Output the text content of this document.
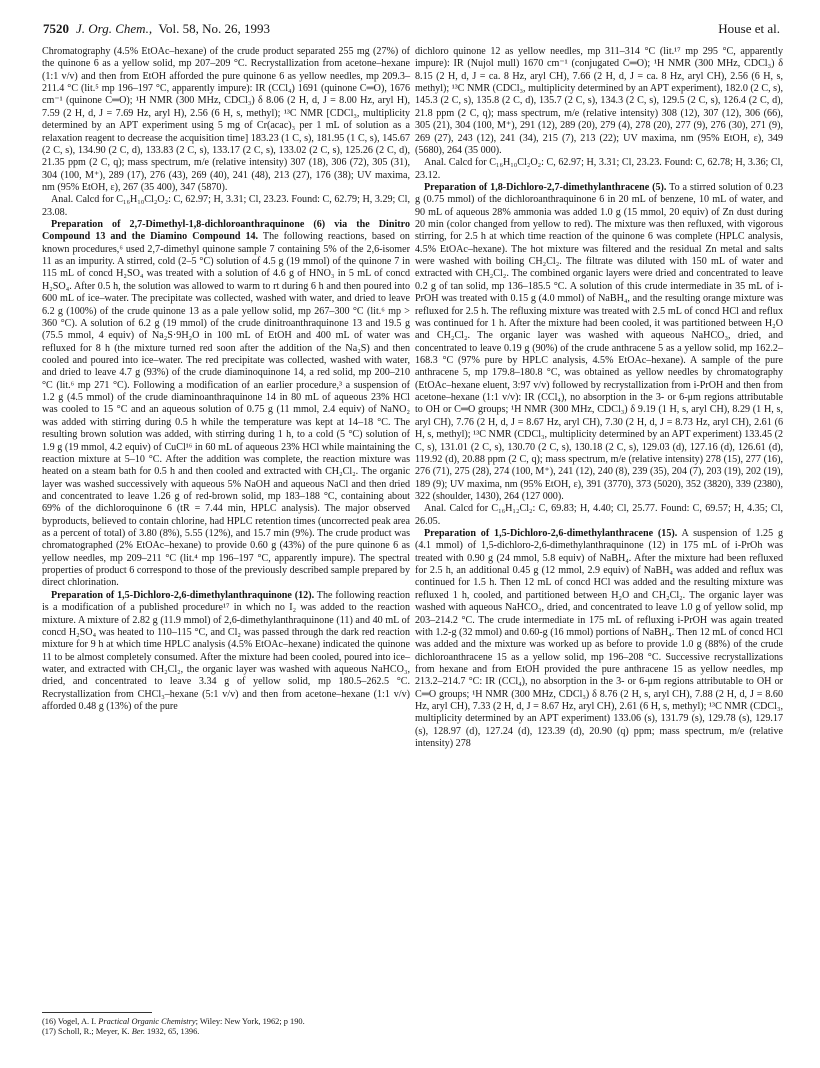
7520 J. Org. Chem., Vol. 58, No. 26, 1993	House et al.

Chromatography (4.5% EtOAc–hexane) of the crude product separated 255 mg (27%) of the quinone 6 as a yellow solid, mp 207–209 °C. Recrystallization from acetone–hexane (1:1 v/v) and then from EtOH afforded the pure quinone 6 as yellow needles, mp 209.3–211.4 °C (lit.⁵ mp 196–197 °C, apparently impure): IR (CCl₄) 1691 (quinone C═O), 1676 cm⁻¹ (quinone C═O); ¹H NMR (300 MHz, CDCl₃) δ 8.06 (2 H, d, J = 8.00 Hz, aryl H), 7.59 (2 H, d, J = 7.69 Hz, aryl H), 2.56 (6 H, s, methyl); ¹³C NMR [CDCl₃, multiplicity determined by an APT experiment using 5 mg of Cr(acac)₃ per 1 mL of solution as a relaxation reagent to decrease the acquisition time] 183.23 (1 C, s), 181.95 (1 C, s), 145.67 (2 C, s), 134.90 (2 C, d), 133.83 (2 C, s), 133.17 (2 C, s), 133.02 (2 C, s), 125.26 (2 C, d), 21.35 ppm (2 C, q); mass spectrum, m/e (relative intensity) 307 (18), 306 (72), 305 (31), 304 (100, M⁺), 289 (17), 276 (43), 269 (40), 241 (48), 213 (27), 176 (38); UV maxima, nm (95% EtOH, ε), 267 (35 400), 347 (5870).

Anal. Calcd for C₁₆H₁₀Cl₂O₂: C, 62.97; H, 3.31; Cl, 23.23. Found: C, 62.79; H, 3.29; Cl, 23.08.

Preparation of 2,7-Dimethyl-1,8-dichloroanthraquinone (6) via the Dinitro Compound 13 and the Diamino Compound 14. The following reactions, based on known procedures,⁶ used 2,7-dimethyl quinone sample 7 containing 5% of the 2,6-isomer 11 as an impurity. A stirred, cold (2–5 °C) solution of 4.5 g (19 mmol) of the quinone 7 in 115 mL of concd H₂SO₄ was treated with a solution of 4.6 g of HNO₃ in 5 mL of concd H₂SO₄. After 0.5 h, the solution was allowed to warm to rt during 6 h and then poured into 600 mL of ice–water. The precipitate was collected, washed with water, and dried to leave 6.2 g (100%) of the crude quinone 13 as a pale yellow solid, mp 267–300 °C (lit.⁶ mp > 360 °C). A solution of 6.2 g (19 mmol) of the crude dinitroanthraquinone 13 and 19.5 g (75.5 mmol, 4 equiv) of Na₂S·9H₂O in 100 mL of EtOH and 400 mL of water was refluxed for 8 h (the mixture turned red soon after the addition of the Na₂S) and then cooled and poured into ice–water. The red precipitate was collected, washed with water, and dried to leave 4.7 g (93%) of the crude diaminoquinone 14, a red solid, mp 200–210 °C (lit.⁶ mp 271 °C). Following a modification of an earlier procedure,³ a suspension of 1.2 g (4.5 mmol) of the crude diaminoanthraquinone 14 in 80 mL of aqueous 23% HCl was cooled to 15 °C and an aqueous solution of 0.75 g (11 mmol, 2.4 equiv) of NaNO₂ was added with stirring during 0.5 h while the temperature was kept at 14–18 °C. The resulting brown solution was added, with stirring during 1 h, to a cold (5 °C) solution of 1.9 g (19 mmol, 4.2 equiv) of CuCl¹⁶ in 60 mL of aqueous 23% HCl while maintaining the reaction mixture at 5–10 °C. After the addition was complete, the reaction mixture was heated on a steam bath for 0.5 h and then cooled and extracted with CH₂Cl₂. The organic layer was washed successively with aqueous 5% NaOH and aqueous NaCl and then dried and concentrated to leave 1.26 g of red-brown solid, mp 183–188 °C, containing about 69% of the dichloroquinone 6 (tR = 7.44 min, HPLC analysis). The major observed byproducts, believed to contain chlorine, had HPLC retention times (uncorrected peak area as a percent of total) of 3.80 (8%), 5.55 (12%), and 15.7 min (9%). The crude product was chromatographed (2% EtOAc–hexane) to provide 0.60 g (43%) of the pure quinone 6 as yellow needles, mp 209–211 °C (lit.⁴ mp 196–197 °C, apparently impure). The spectral properties of product 6 correspond to those of the previously described sample prepared by direct chlorination.

Preparation of 1,5-Dichloro-2,6-dimethylanthraquinone (12). The following reaction is a modification of a published procedure¹⁷ in which no I₂ was added to the reaction mixture. A mixture of 2.82 g (11.9 mmol) of 2,6-dimethylanthraquinone (11) and 40 mL of concd H₂SO₄ was heated to 110–115 °C, and Cl₂ was passed through the dark red reaction mixture for 9 h at which time HPLC analysis (4.5% EtOAc–hexane) indicated the quinone 11 to be almost completely consumed. After the mixture had been cooled, poured into ice–water, and extracted with CH₂Cl₂, the organic layer was washed with aqueous NaHCO₃, dried, and concentrated to leave 3.34 g of yellow solid, mp 180.5–262.5 °C. Recrystallization from CHCl₃–hexane (5:1 v/v) and then from acetone–hexane (1:1 v/v) afforded 0.48 g (13%) of the pure

dichloro quinone 12 as yellow needles, mp 311–314 °C (lit.¹⁷ mp 295 °C, apparently impure): IR (Nujol mull) 1670 cm⁻¹ (conjugated C═O); ¹H NMR (300 MHz, CDCl₃) δ 8.15 (2 H, d, J = ca. 8 Hz, aryl CH), 7.66 (2 H, d, J = ca. 8 Hz, aryl CH), 2.56 (6 H, s, methyl); ¹³C NMR (CDCl₃, multiplicity determined by an APT experiment), 182.0 (2 C, s), 145.3 (2 C, s), 135.8 (2 C, d), 135.7 (2 C, s), 134.3 (2 C, s), 129.5 (2 C, s), 126.4 (2 C, d), 21.8 ppm (2 C, q); mass spectrum, m/e (relative intensity) 308 (12), 307 (12), 306 (66), 305 (21), 304 (100, M⁺), 291 (12), 289 (20), 279 (4), 278 (20), 277 (9), 276 (30), 271 (9), 269 (27), 243 (12), 241 (34), 215 (7), 213 (22); UV maxima, nm (95% EtOH, ε), 349 (5680), 264 (35 000).

Anal. Calcd for C₁₆H₁₀Cl₂O₂: C, 62.97; H, 3.31; Cl, 23.23. Found: C, 62.78; H, 3.36; Cl, 23.12.

Preparation of 1,8-Dichloro-2,7-dimethylanthracene (5). To a stirred solution of 0.23 g (0.75 mmol) of the dichloroanthraquinone 6 in 20 mL of benzene, 10 mL of water, and 90 mL of aqueous 28% ammonia was added 1.0 g (15 mmol, 20 equiv) of Zn dust during 20 min (color changed from yellow to red). The mixture was then refluxed, with vigorous stirring, for 2.5 h at which time reaction of the quinone 6 was complete (HPLC analysis, 4.5% EtOAc–hexane). The hot mixture was filtered and the residual Zn metal and salts were washed with boiling CH₂Cl₂. The filtrate was diluted with 150 mL of water and extracted with CH₂Cl₂. The combined organic layers were dried and concentrated to leave 0.2 g of tan solid, mp 136–185.5 °C. A solution of this crude intermediate in 35 mL of i-PrOH was treated with 0.15 g (4.0 mmol) of NaBH₄, and the resulting orange mixture was refluxed for 2.5 h. The refluxing mixture was treated with 2.5 mL of concd HCl and reflux was continued for 1 h. After the mixture had been cooled, it was partitioned between H₂O and CH₂Cl₂. The organic layer was washed with aqueous NaHCO₃, dried, and concentrated to leave 0.19 g (90%) of the crude anthracene 5 as a yellow solid, mp 162.2–168.3 °C (97% pure by HPLC analysis, 4.5% EtOAc–hexane). A sample of the pure anthracene 5, mp 179.8–180.8 °C, was obtained as yellow needles by chromatography (EtOAc–hexane eluent, 3:97 v/v) followed by recrystallization from i-PrOH and then from acetone–hexane (1:1 v/v): IR (CCl₄), no absorption in the 3- or 6-μm regions attributable to OH or C═O groups; ¹H NMR (300 MHz, CDCl₃) δ 9.19 (1 H, s, aryl CH), 8.29 (1 H, s, aryl CH), 7.76 (2 H, d, J = 8.67 Hz, aryl CH), 7.30 (2 H, d, J = 8.73 Hz, aryl CH), 2.61 (6 H, s, methyl); ¹³C NMR (CDCl₃, multiplicity determined by an APT experiment) 133.45 (2 C, s), 131.01 (2 C, s), 130.70 (2 C, s), 130.18 (2 C, s), 129.03 (d), 127.16 (d), 126.61 (d), 119.92 (d), 20.88 ppm (2 C, q); mass spectrum, m/e (relative intensity) 278 (15), 277 (16), 276 (71), 275 (28), 274 (100, M⁺), 241 (12), 240 (8), 239 (35), 204 (7), 203 (19), 202 (19), 189 (9); UV maxima, nm (95% EtOH, ε), 391 (3770), 373 (5020), 352 (3820), 339 (2380), 322 (shoulder, 1430), 264 (127 000).

Anal. Calcd for C₁₆H₁₂Cl₂: C, 69.83; H, 4.40; Cl, 25.77. Found: C, 69.57; H, 4.35; Cl, 26.05.

Preparation of 1,5-Dichloro-2,6-dimethylanthracene (15). A suspension of 1.25 g (4.1 mmol) of 1,5-dichloro-2,6-dimethylanthraquinone (12) in 175 mL of i-PrOh was treated with 0.90 g (24 mmol, 5.8 equiv) of NaBH₄. After the mixture had been refluxed for 2.5 h, an additional 0.45 g (12 mmol, 2.9 equiv) of NaBH₄ was added and reflux was continued for 1.5 h. Then 12 mL of concd HCl was added and the resulting mixture was refluxed 1 h, cooled, and partitioned between H₂O and CH₂Cl₂. The organic layer was washed with aqueous NaHCO₃, dried, and concentrated to leave 1.0 g of yellow solid, mp 203–214.2 °C. The crude intermediate in 175 mL of refluxing i-PrOH was again treated with 1.2-g (32 mmol) and 0.60-g (16 mmol) portions of NaBH₄. Then 12 mL of concd HCl was added and the mixture was worked up as before to provide 1.0 g (88%) of the crude dichloroanthracene 15 as a yellow solid, mp 196–208 °C. Successive recrystallizations from hexane and from EtOH provided the pure anthracene 15 as yellow needles, mp 213.2–214.7 °C: IR (CCl₄), no absorption in the 3- or 6-μm regions attributable to OH or C═O groups; ¹H NMR (300 MHz, CDCl₃) δ 8.76 (2 H, s, aryl CH), 7.88 (2 H, d, J = 8.60 Hz, aryl CH), 7.33 (2 H, d, J = 8.67 Hz, aryl CH), 2.61 (6 H, s, methyl); ¹³C NMR (CDCl₃, multiplicity determined by an APT experiment) 133.06 (s), 131.79 (s), 129.78 (s), 129.17 (s), 128.97 (d), 127.24 (d), 123.39 (d), 20.90 (q) ppm; mass spectrum, m/e (relative intensity) 278

(16) Vogel, A. I. Practical Organic Chemistry; Wiley: New York, 1962; p 190.

(17) Scholl, R.; Meyer, K. Ber. 1932, 65, 1396.
